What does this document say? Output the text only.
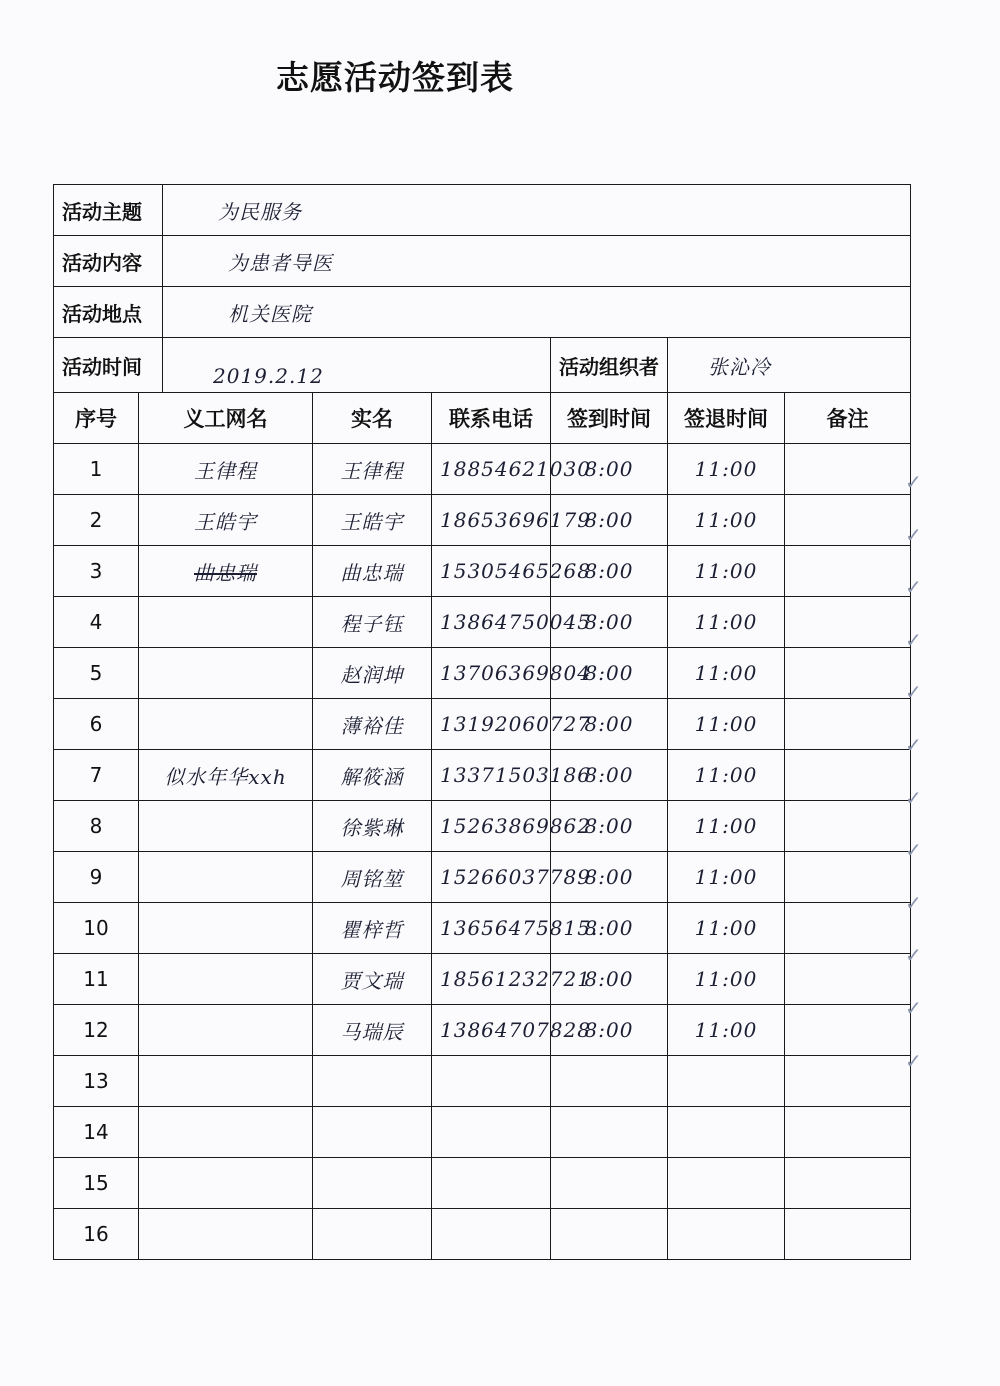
志愿活动签到表
活动主题		为民服务					
活动内容		为患者导医					
活动地点		机关医院					
活动时间		2019.2.12			活动组织者	张沁冷	
序号	义工网名		实名	联系电话	签到时间	签退时间	备注
1	王律程		王律程	18854621030	8:00	11:00	
2	王皓宇		王皓宇	18653696179	8:00	11:00	
3	曲忠瑞		曲忠瑞	15305465268	8:00	11:00	
4			程子钰	13864750045	8:00	11:00	
5			赵润坤	13706369804	8:00	11:00	
6			薄裕佳	13192060727	8:00	11:00	
7	似水年华xxh		解筱涵	13371503186	8:00	11:00	
8			徐紫琳	15263869862	8:00	11:00	
9			周铭堃	15266037789	8:00	11:00	
10			瞿梓哲	13656475815.	8:00	11:00	
11			贾文瑞	18561232721	8:00	11:00	
12			马瑞辰	13864707828	8:00	11:00	
13							
14							
15							
16							
✓
✓
✓
✓
✓
✓
✓
✓
✓
✓
✓
✓
